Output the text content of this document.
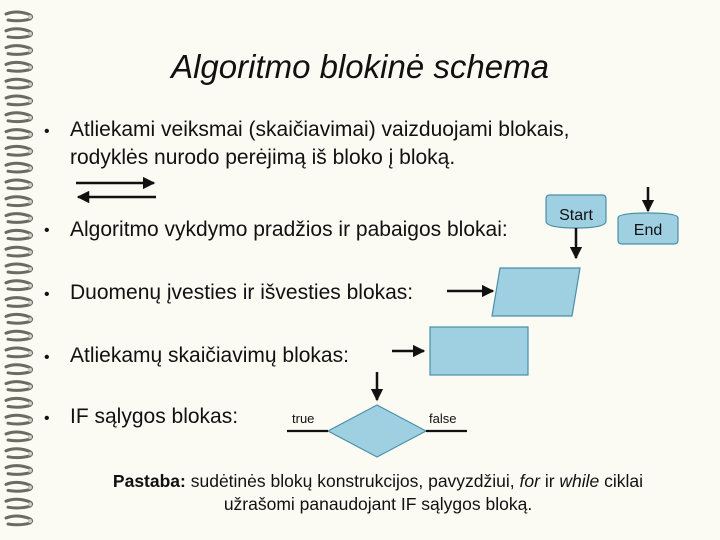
Algoritmo blokinė schema
• Atliekami veiksmai (skaičiavimai) vaizduojami blokais,
rodyklės nurodo perėjimą iš bloko į bloką.
• Algoritmo vykdymo pradžios ir pabaigos blokai:
• Duomenų įvesties ir išvesties blokas:
• Atliekamų skaičiavimų blokas:
• IF sąlygos blokas:
Start
End
true	false
Pastaba: sudėtinės blokų konstrukcijos, pavyzdžiui, for ir while ciklai
užrašomi panaudojant IF sąlygos bloką.
